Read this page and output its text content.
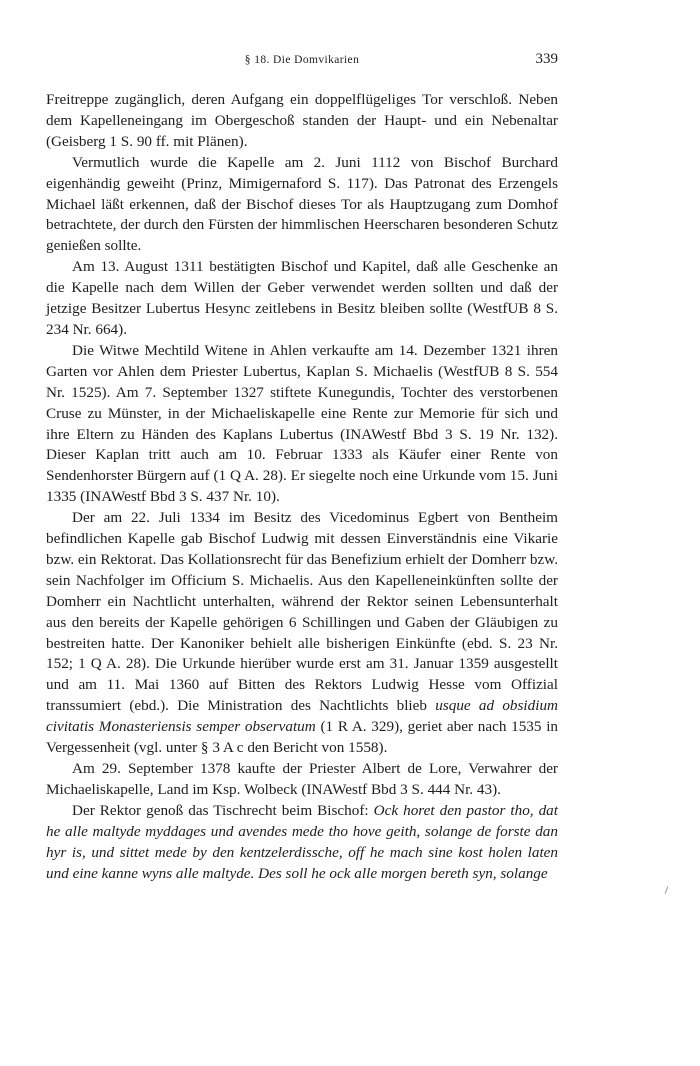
§ 18. Die Domvikarien	339

Freitreppe zugänglich, deren Aufgang ein doppelflügeliges Tor verschloß. Neben dem Kapelleneingang im Obergeschoß standen der Haupt- und ein Nebenaltar (Geisberg 1 S. 90 ff. mit Plänen).

Vermutlich wurde die Kapelle am 2. Juni 1112 von Bischof Burchard eigenhändig geweiht (Prinz, Mimigernaford S. 117). Das Patronat des Erzengels Michael läßt erkennen, daß der Bischof dieses Tor als Hauptzugang zum Domhof betrachtete, der durch den Fürsten der himmlischen Heerscharen besonderen Schutz genießen sollte.

Am 13. August 1311 bestätigten Bischof und Kapitel, daß alle Geschenke an die Kapelle nach dem Willen der Geber verwendet werden sollten und daß der jetzige Besitzer Lubertus Hesync zeitlebens in Besitz bleiben sollte (WestfUB 8 S. 234 Nr. 664).

Die Witwe Mechtild Witene in Ahlen verkaufte am 14. Dezember 1321 ihren Garten vor Ahlen dem Priester Lubertus, Kaplan S. Michaelis (WestfUB 8 S. 554 Nr. 1525). Am 7. September 1327 stiftete Kunegundis, Tochter des verstorbenen Cruse zu Münster, in der Michaeliskapelle eine Rente zur Memorie für sich und ihre Eltern zu Händen des Kaplans Lubertus (INAWestf Bbd 3 S. 19 Nr. 132). Dieser Kaplan tritt auch am 10. Februar 1333 als Käufer einer Rente von Sendenhorster Bürgern auf (1 Q A. 28). Er siegelte noch eine Urkunde vom 15. Juni 1335 (INAWestf Bbd 3 S. 437 Nr. 10).

Der am 22. Juli 1334 im Besitz des Vicedominus Egbert von Bentheim befindlichen Kapelle gab Bischof Ludwig mit dessen Einverständnis eine Vikarie bzw. ein Rektorat. Das Kollationsrecht für das Benefizium erhielt der Domherr bzw. sein Nachfolger im Officium S. Michaelis. Aus den Kapelleneinkünften sollte der Domherr ein Nachtlicht unterhalten, während der Rektor seinen Lebensunterhalt aus den bereits der Kapelle gehörigen 6 Schillingen und Gaben der Gläubigen zu bestreiten hatte. Der Kanoniker behielt alle bisherigen Einkünfte (ebd. S. 23 Nr. 152; 1 Q A. 28). Die Urkunde hierüber wurde erst am 31. Januar 1359 ausgestellt und am 11. Mai 1360 auf Bitten des Rektors Ludwig Hesse vom Offizial transsumiert (ebd.). Die Ministration des Nachtlichts blieb usque ad obsidium civitatis Monasteriensis semper observatum (1 R A. 329), geriet aber nach 1535 in Vergessenheit (vgl. unter § 3 A c den Bericht von 1558).

Am 29. September 1378 kaufte der Priester Albert de Lore, Verwahrer der Michaeliskapelle, Land im Ksp. Wolbeck (INAWestf Bbd 3 S. 444 Nr. 43).

Der Rektor genoß das Tischrecht beim Bischof: Ock horet den pastor tho, dat he alle maltyde myddages und avendes mede tho hove geith, solange de forste dan hyr is, und sittet mede by den kentzelerdissche, off he mach sine kost holen laten und eine kanne wyns alle maltyde. Des soll he ock alle morgen bereth syn, solange
